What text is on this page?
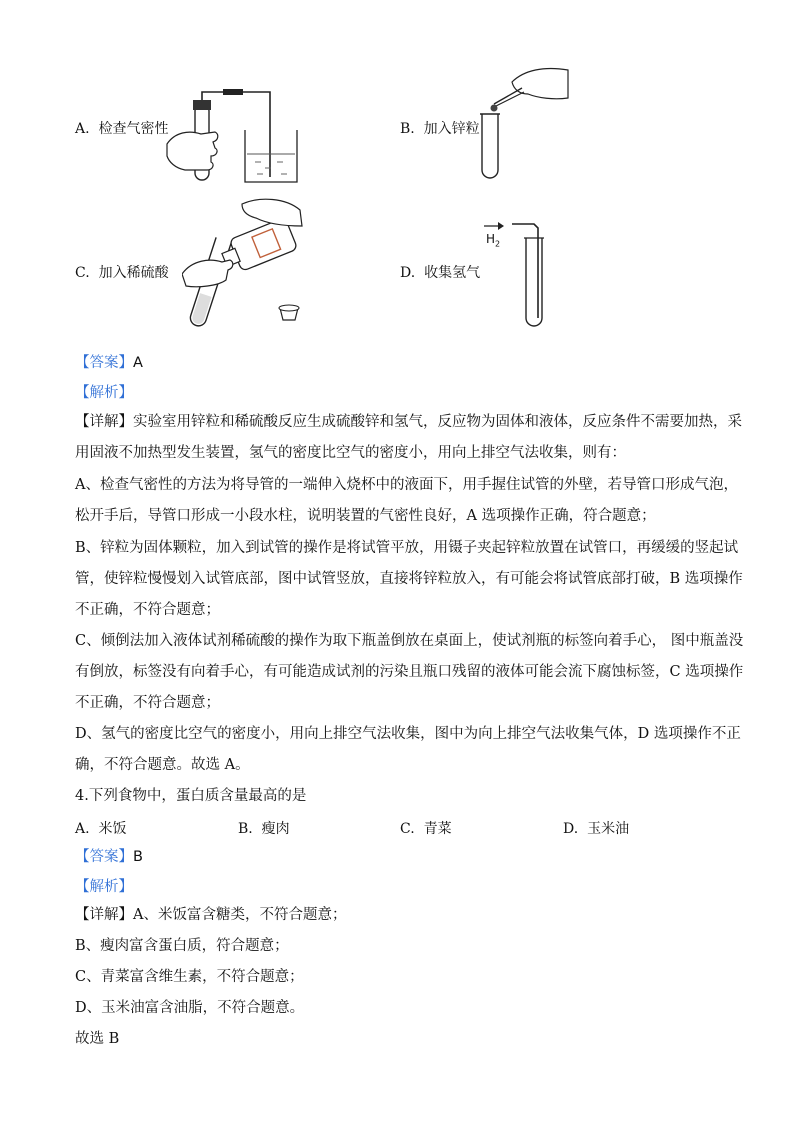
A. 检查气密性	B. 加入锌粒
C. 加入稀硫酸	D. 收集氢气
$H_2$
【答案】A
【解析】
【详解】实验室用锌粒和稀硫酸反应生成硫酸锌和氢气，反应物为固体和液体，反应条件不需要加热，采
用固液不加热型发生装置，氢气的密度比空气的密度小，用向上排空气法收集，则有：
A、检查气密性的方法为将导管的一端伸入烧杯中的液面下，用手握住试管的外壁，若导管口形成气泡，
松开手后，导管口形成一小段水柱，说明装置的气密性良好，A 选项操作正确，符合题意；
B、锌粒为固体颗粒，加入到试管的操作是将试管平放，用镊子夹起锌粒放置在试管口，再缓缓的竖起试
管，使锌粒慢慢划入试管底部，图中试管竖放，直接将锌粒放入，有可能会将试管底部打破，B 选项操作
不正确，不符合题意；
C、倾倒法加入液体试剂稀硫酸的操作为取下瓶盖倒放在桌面上，使试剂瓶的标签向着手心， 图中瓶盖没
有倒放，标签没有向着手心，有可能造成试剂的污染且瓶口残留的液体可能会流下腐蚀标签，C 选项操作
不正确，不符合题意；
D、氢气的密度比空气的密度小，用向上排空气法收集，图中为向上排空气法收集气体，D 选项操作不正
确，不符合题意。故选 A。
4.下列食物中，蛋白质含量最高的是
A. 米饭	B. 瘦肉	C. 青菜	D. 玉米油
【答案】B
【解析】
【详解】A、米饭富含糖类，不符合题意；
B、瘦肉富含蛋白质，符合题意；
C、青菜富含维生素，不符合题意；
D、玉米油富含油脂，不符合题意。
故选 B
